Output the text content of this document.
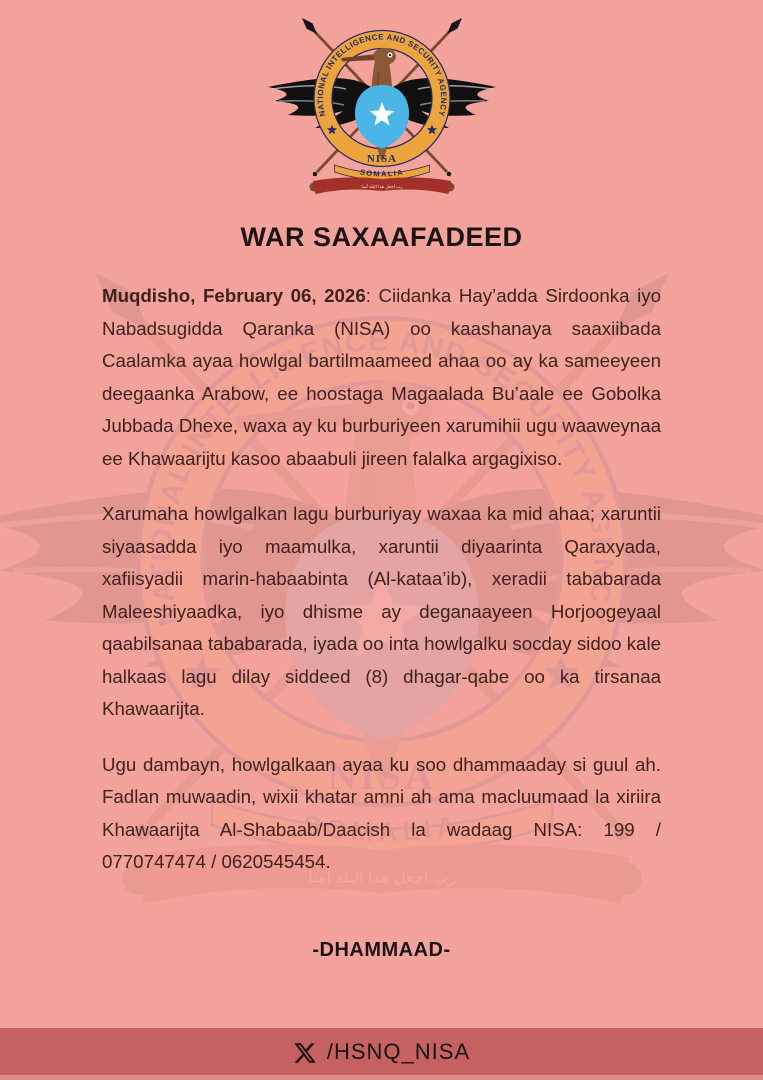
WAR SAXAAFADEED

Muqdisho, February 06, 2026: Ciidanka Hay’adda Sirdoonka iyo Nabadsugidda Qaranka (NISA) oo kaashanaya saaxiibada Caalamka ayaa howlgal bartilmaameed ahaa oo ay ka sameeyeen deegaanka Arabow, ee hoostaga Magaalada Bu’aale ee Gobolka Jubbada Dhexe, waxa ay ku burburiyeen xarumihii ugu waaweynaa ee Khawaarijtu kasoo abaabuli jireen falalka argagixiso.

Xarumaha howlgalkan lagu burburiyay waxaa ka mid ahaa; xaruntii siyaasadda iyo maamulka, xaruntii diyaarinta Qaraxyada, xafiisyadii marin-habaabinta (Al-kataa’ib), xeradii tababarada Maleeshiyaadka, iyo dhisme ay deganaayeen Horjoogeyaal qaabilsanaa tababarada, iyada oo inta howlgalku socday sidoo kale halkaas lagu dilay siddeed (8) dhagar-qabe oo ka tirsanaa Khawaarijta.

Ugu dambayn, howlgalkaan ayaa ku soo dhammaaday si guul ah. Fadlan muwaadin, wixii khatar amni ah ama macluumaad la xiriira Khawaarijta Al-Shabaab/Daacish la wadaag NISA: 199 / 0770747474 / 0620545454.

-DHAMMAAD-
/HSNQ_NISA
